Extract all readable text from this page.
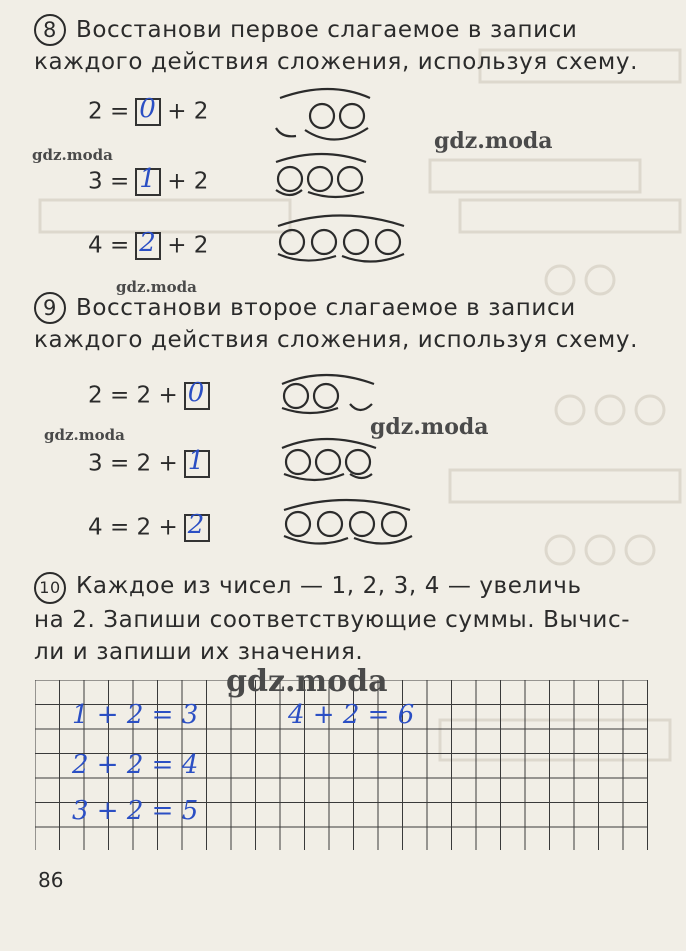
8 Восстанови первое слагаемое в записи
каждого действия сложения, используя схему.
2 = 0 + 2
3 = 1 + 2
4 = 2 + 2
9 Восстанови второе слагаемое в записи
каждого действия сложения, используя схему.
2 = 2 + 0
3 = 2 + 1
4 = 2 + 2
10 Каждое из чисел — 1, 2, 3, 4 — увеличь
на 2. Запиши соответствующие суммы. Вычис-
ли и запиши их значения.
1 + 2 = 3
2 + 2 = 4
3 + 2 = 5
4 + 2 = 6
gdz.moda
gdz.moda
gdz.moda
gdz.moda	gdz.moda
gdz.moda
86
